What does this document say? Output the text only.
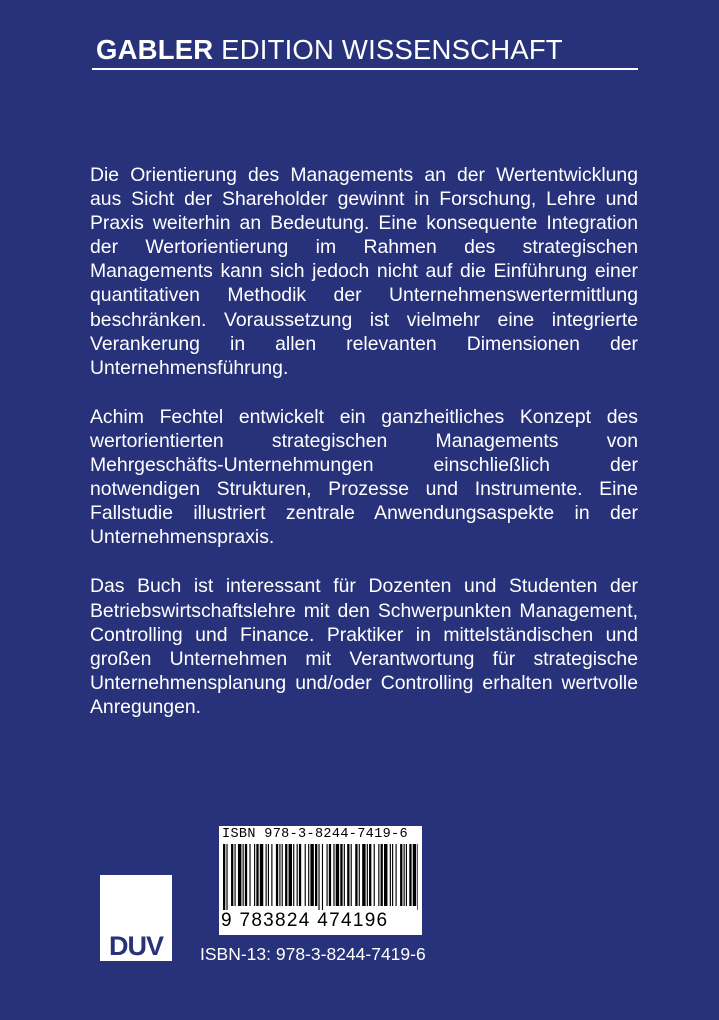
GABLER EDITION WISSENSCHAFT

Die Orientierung des Managements an der Wertentwicklung aus Sicht der Shareholder gewinnt in Forschung, Lehre und Praxis weiterhin an Bedeutung. Eine konsequente Integration der Wertorientierung im Rahmen des strategischen Managements kann sich jedoch nicht auf die Einführung einer quantitativen Methodik der Unternehmenswertermittlung beschränken. Voraussetzung ist vielmehr eine integrierte Verankerung in allen relevanten Dimensionen der Unternehmensführung.

Achim Fechtel entwickelt ein ganzheitliches Konzept des wertorientierten strategischen Managements von Mehrgeschäfts-Unternehmungen einschließlich der notwendigen Strukturen, Prozesse und Instrumente. Eine Fallstudie illustriert zentrale Anwendungsaspekte in der Unternehmenspraxis.

Das Buch ist interessant für Dozenten und Studenten der Betriebswirtschaftslehre mit den Schwerpunkten Management, Controlling und Finance. Praktiker in mittelständischen und großen Unternehmen mit Verantwortung für strategische Unternehmensplanung und/oder Controlling erhalten wertvolle Anregungen.

ISBN 978-3-8244-7419-6
9 783824 474196
ISBN-13: 978-3-8244-7419-6
DUV
